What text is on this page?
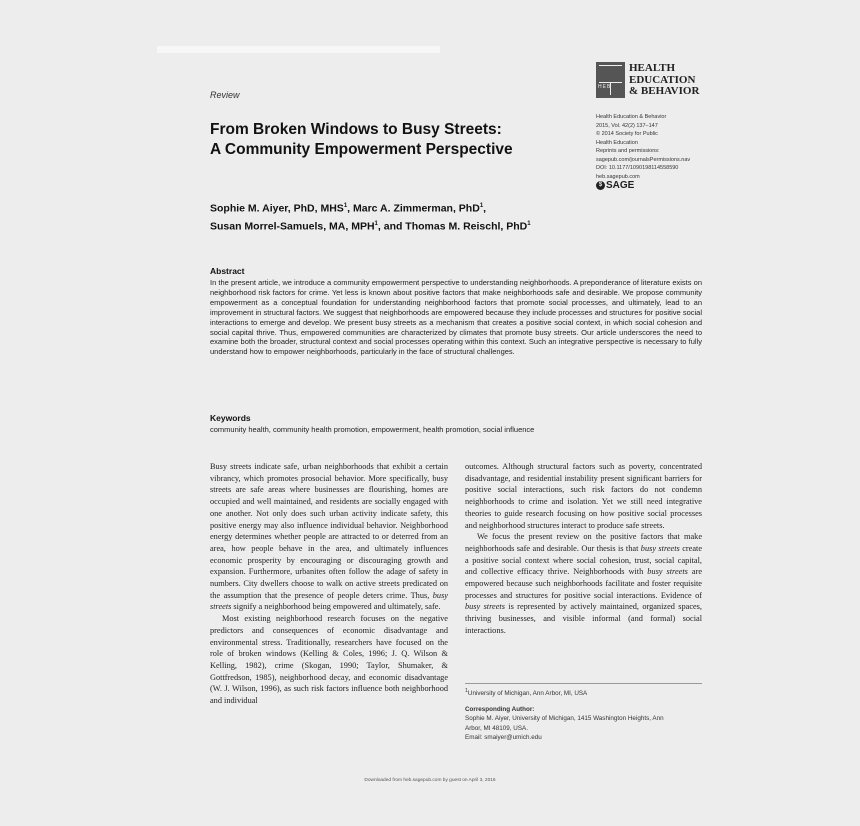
Review
From Broken Windows to Busy Streets:
A Community Empowerment Perspective
Sophie M. Aiyer, PhD, MHS$^1$, Marc A. Zimmerman, PhD$^1$,
Susan Morrel-Samuels, MA, MPH$^1$, and Thomas M. Reischl, PhD$^1$
HEB
HEALTH
EDUCATION
& BEHAVIOR
Health Education & Behavior
2015, Vol. 42(2) 137–147
© 2014 Society for Public
Health Education
Reprints and permissions:
sagepub.com/journalsPermissions.nav
DOI: 10.1177/1090198114558590
heb.sagepub.com
$ SAGE
Abstract

In the present article, we introduce a community empowerment perspective to understanding neighborhoods. A preponderance of literature exists on neighborhood risk factors for crime. Yet less is known about positive factors that make neighborhoods safe and desirable. We propose community empowerment as a conceptual foundation for understanding neighborhood factors that promote social processes, and ultimately, lead to an improvement in structural factors. We suggest that neighborhoods are empowered because they include processes and structures for positive social interactions to emerge and develop. We present busy streets as a mechanism that creates a positive social context, in which social cohesion and social capital thrive. Thus, empowered communities are characterized by climates that promote busy streets. Our article underscores the need to examine both the broader, structural context and social processes operating within this context. Such an integrative perspective is necessary to fully understand how to empower neighborhoods, particularly in the face of structural challenges.

Keywords
community health, community health promotion, empowerment, health promotion, social influence

Busy streets indicate safe, urban neighborhoods that exhibit a certain vibrancy, which promotes prosocial behavior. More specifically, busy streets are safe areas where businesses are flourishing, homes are occupied and well maintained, and residents are socially engaged with one another. Not only does such urban activity indicate safety, this positive energy may also influence individual behavior. Neighborhood energy determines whether people are attracted to or deterred from an area, how people behave in the area, and ultimately influences economic prosperity by encouraging or discouraging growth and expansion. Furthermore, urbanites often follow the adage of safety in numbers. City dwellers choose to walk on active streets predicated on the assumption that the presence of people deters crime. Thus, busy streets signify a neighborhood being empowered and ultimately, safe.

Most existing neighborhood research focuses on the negative predictors and consequences of economic disadvantage and environmental stress. Traditionally, researchers have focused on the role of broken windows (Kelling & Coles, 1996; J. Q. Wilson & Kelling, 1982), crime (Skogan, 1990; Taylor, Shumaker, & Gottfredson, 1985), neighborhood decay, and economic disadvantage (W. J. Wilson, 1996), as such risk factors influence both neighborhood and individual

outcomes. Although structural factors such as poverty, concentrated disadvantage, and residential instability present significant barriers for positive social interactions, such risk factors do not condemn neighborhoods to crime and isolation. Yet we still need integrative theories to guide research focusing on how positive social processes and neighborhood structures interact to produce safe streets.

We focus the present review on the positive factors that make neighborhoods safe and desirable. Our thesis is that busy streets create a positive social context where social cohesion, trust, social capital, and collective efficacy thrive. Neighborhoods with busy streets are empowered because such neighborhoods facilitate and foster requisite processes and structures for positive social interactions. Evidence of busy streets is represented by actively maintained, organized spaces, thriving businesses, and visible informal (and formal) social interactions.

$^1$University of Michigan, Ann Arbor, MI, USA
Corresponding Author:
Sophie M. Aiyer, University of Michigan, 1415 Washington Heights, Ann
Arbor, MI 48109, USA.
Email: smaiyer@umich.edu
Downloaded from heb.sagepub.com by guest on April 3, 2016
